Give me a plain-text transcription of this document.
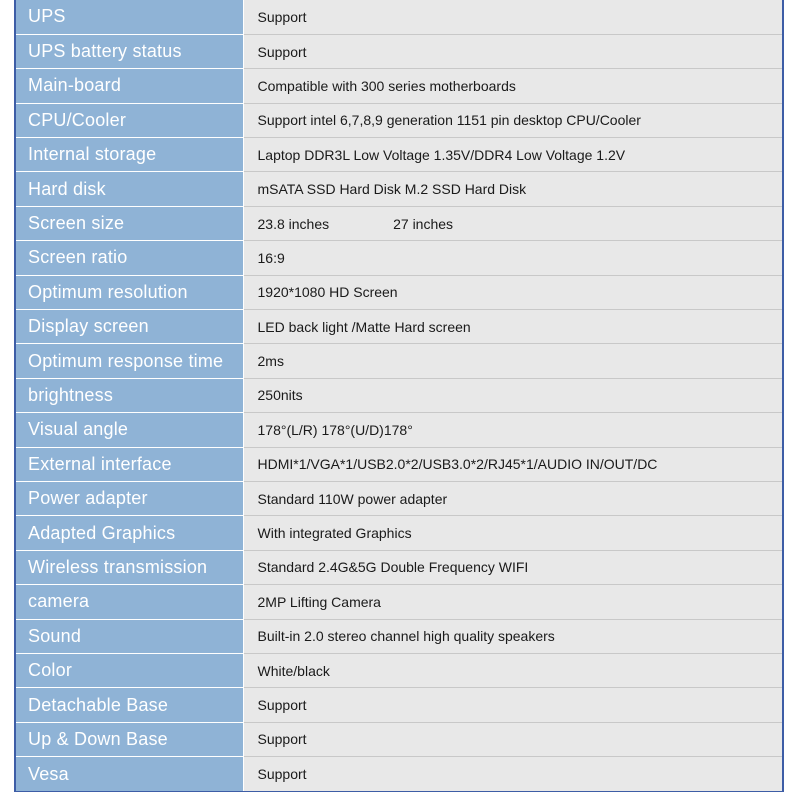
UPS	Support
UPS battery status	Support
Main-board	Compatible with 300 series motherboards
CPU/Cooler	Support intel 6,7,8,9 generation 1151 pin desktop CPU/Cooler
Internal storage	Laptop DDR3L Low Voltage 1.35V/DDR4 Low Voltage 1.2V
Hard disk	mSATA SSD Hard Disk M.2 SSD Hard Disk
Screen size	23.8 inches 27 inches
Screen ratio	16:9
Optimum resolution	1920*1080 HD Screen
Display screen	LED back light /Matte Hard screen
Optimum response time	2ms
brightness	250nits
Visual angle	178°(L/R) 178°(U/D)178°
External interface	HDMI*1/VGA*1/USB2.0*2/USB3.0*2/RJ45*1/AUDIO IN/OUT/DC
Power adapter	Standard 110W power adapter
Adapted Graphics	With integrated Graphics
Wireless transmission	Standard 2.4G&5G Double Frequency WIFI
camera	2MP Lifting Camera
Sound	Built-in 2.0 stereo channel high quality speakers
Color	White/black
Detachable Base	Support
Up & Down Base	Support
Vesa	Support
